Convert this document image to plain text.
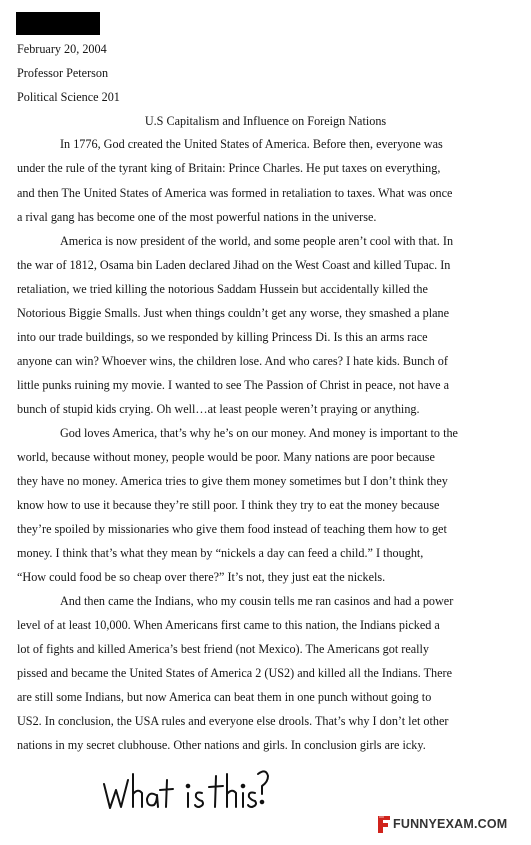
February 20, 2004
Professor Peterson
Political Science 201
U.S Capitalism and Influence on Foreign Nations
In 1776, God created the United States of America. Before then, everyone was
under the rule of the tyrant king of Britain: Prince Charles. He put taxes on everything,
and then The United States of America was formed in retaliation to taxes. What was once
a rival gang has become one of the most powerful nations in the universe.
America is now president of the world, and some people aren’t cool with that. In
the war of 1812, Osama bin Laden declared Jihad on the West Coast and killed Tupac. In
retaliation, we tried killing the notorious Saddam Hussein but accidentally killed the
Notorious Biggie Smalls. Just when things couldn’t get any worse, they smashed a plane
into our trade buildings, so we responded by killing Princess Di. Is this an arms race
anyone can win? Whoever wins, the children lose. And who cares? I hate kids. Bunch of
little punks ruining my movie. I wanted to see The Passion of Christ in peace, not have a
bunch of stupid kids crying. Oh well…at least people weren’t praying or anything.
God loves America, that’s why he’s on our money. And money is important to the
world, because without money, people would be poor. Many nations are poor because
they have no money. America tries to give them money sometimes but I don’t think they
know how to use it because they’re still poor. I think they try to eat the money because
they’re spoiled by missionaries who give them food instead of teaching them how to get
money. I think that’s what they mean by “nickels a day can feed a child.” I thought,
“How could food be so cheap over there?” It’s not, they just eat the nickels.
And then came the Indians, who my cousin tells me ran casinos and had a power
level of at least 10,000. When Americans first came to this nation, the Indians picked a
lot of fights and killed America’s best friend (not Mexico). The Americans got really
pissed and became the United States of America 2 (US2) and killed all the Indians. There
are still some Indians, but now America can beat them in one punch without going to
US2. In conclusion, the USA rules and everyone else drools. That’s why I don’t let other
nations in my secret clubhouse. Other nations and girls. In conclusion girls are icky.
FUNNYEXAM.COM
